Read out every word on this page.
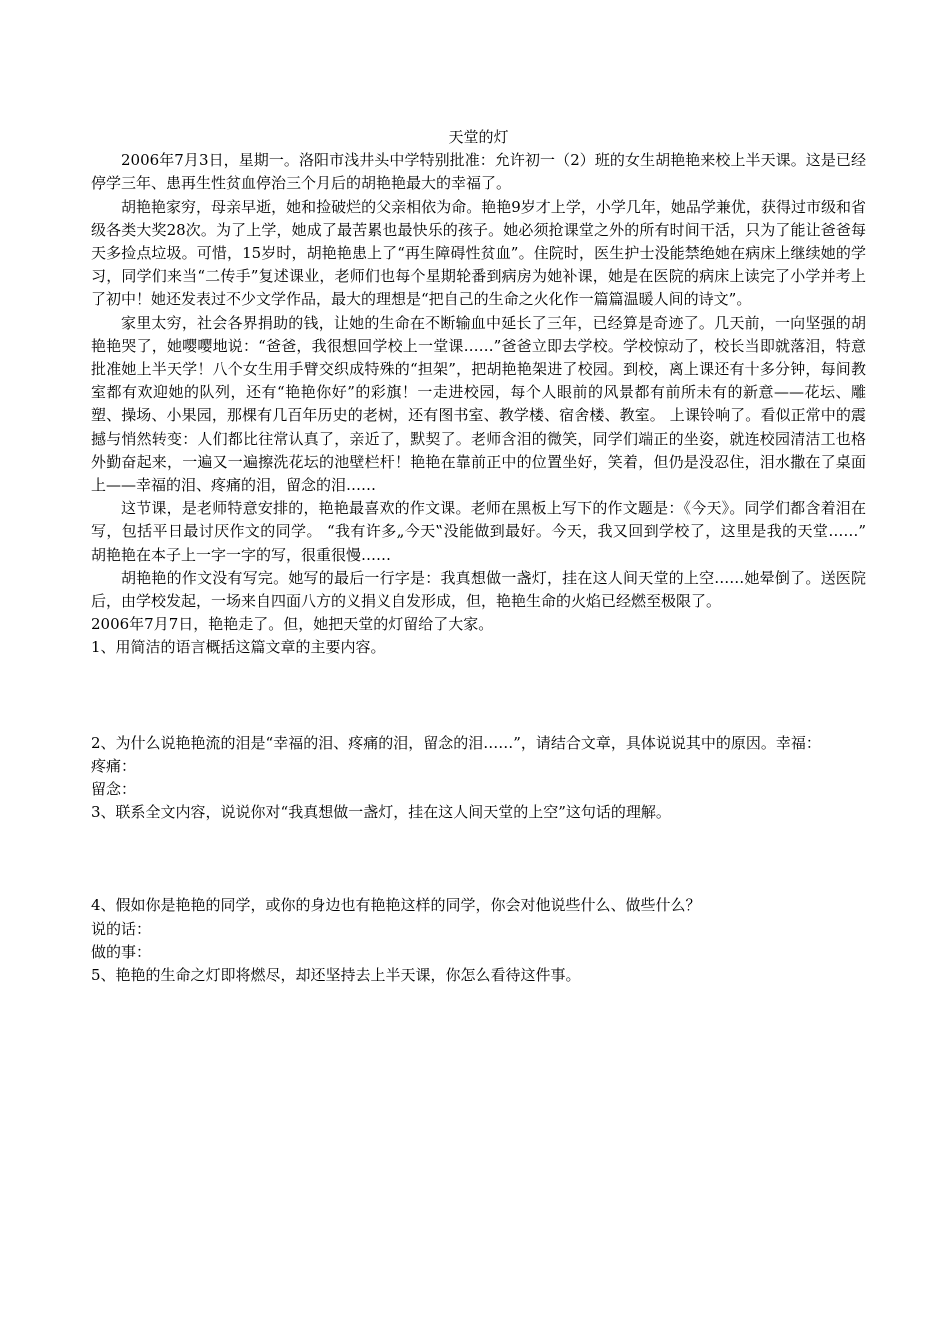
天堂的灯

2006年7月3日，星期一。洛阳市浅井头中学特别批准：允许初一（2）班的女生胡艳艳来校上半天课。这是已经停学三年、患再生性贫血停治三个月后的胡艳艳最大的幸福了。

胡艳艳家穷，母亲早逝，她和捡破烂的父亲相依为命。艳艳9岁才上学，小学几年，她品学兼优，获得过市级和省级各类大奖28次。为了上学，她成了最苦累也最快乐的孩子。她必须抢课堂之外的所有时间干活，只为了能让爸爸每天多捡点垃圾。可惜，15岁时，胡艳艳患上了“再生障碍性贫血”。住院时，医生护士没能禁绝她在病床上继续她的学习，同学们来当“二传手”复述课业，老师们也每个星期轮番到病房为她补课，她是在医院的病床上读完了小学并考上了初中！她还发表过不少文学作品，最大的理想是“把自己的生命之火化作一篇篇温暖人间的诗文”。

家里太穷，社会各界捐助的钱，让她的生命在不断输血中延长了三年，已经算是奇迹了。几天前，一向坚强的胡艳艳哭了，她嘤嘤地说：“爸爸，我很想回学校上一堂课……”爸爸立即去学校。学校惊动了，校长当即就落泪，特意批准她上半天学！八个女生用手臂交织成特殊的“担架”，把胡艳艳架进了校园。到校，离上课还有十多分钟，每间教室都有欢迎她的队列，还有“艳艳你好”的彩旗！一走进校园，每个人眼前的风景都有前所未有的新意——花坛、雕塑、操场、小果园，那棵有几百年历史的老树，还有图书室、教学楼、宿舍楼、教室。 上课铃响了。看似正常中的震撼与悄然转变：人们都比往常认真了，亲近了，默契了。老师含泪的微笑，同学们端正的坐姿，就连校园清洁工也格外勤奋起来，一遍又一遍擦洗花坛的池壁栏杆！艳艳在靠前正中的位置坐好，笑着，但仍是没忍住，泪水撒在了桌面上——幸福的泪、疼痛的泪，留念的泪……

这节课，是老师特意安排的，艳艳最喜欢的作文课。老师在黑板上写下的作文题是：《今天》。同学们都含着泪在写，包括平日最讨厌作文的同学。 “我有许多„今天‟没能做到最好。今天，我又回到学校了，这里是我的天堂……” 胡艳艳在本子上一字一字的写，很重很慢……

胡艳艳的作文没有写完。她写的最后一行字是：我真想做一盏灯，挂在这人间天堂的上空……她晕倒了。送医院后，由学校发起，一场来自四面八方的义捐义自发形成，但，艳艳生命的火焰已经燃至极限了。

2006年7月7日，艳艳走了。但，她把天堂的灯留给了大家。

1、用简洁的语言概括这篇文章的主要内容。

2、为什么说艳艳流的泪是“幸福的泪、疼痛的泪，留念的泪……”，请结合文章，具体说说其中的原因。幸福：

疼痛：

留念：

3、联系全文内容，说说你对“我真想做一盏灯，挂在这人间天堂的上空”这句话的理解。

4、假如你是艳艳的同学，或你的身边也有艳艳这样的同学，你会对他说些什么、做些什么？

说的话：

做的事：

5、艳艳的生命之灯即将燃尽，却还坚持去上半天课，你怎么看待这件事。
